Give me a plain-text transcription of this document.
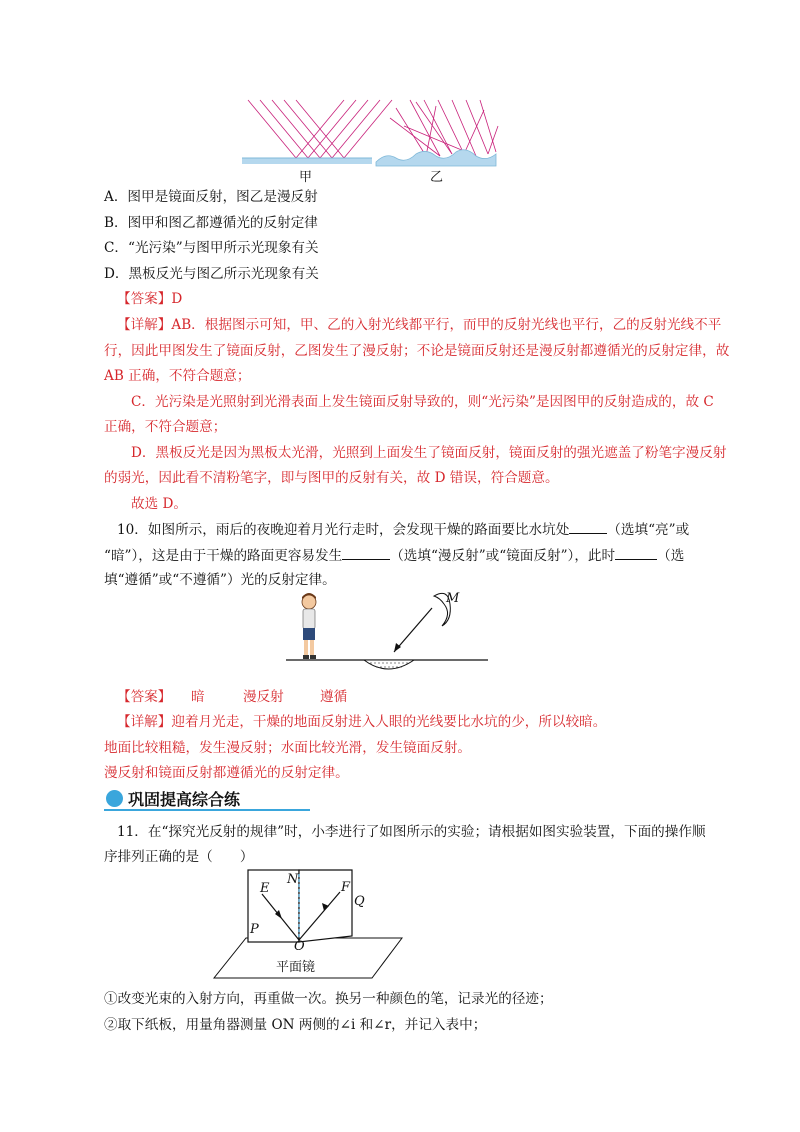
甲	乙
A．图甲是镜面反射，图乙是漫反射
B．图甲和图乙都遵循光的反射定律
C．“光污染”与图甲所示光现象有关
D．黑板反光与图乙所示光现象有关
【答案】D
【详解】AB．根据图示可知，甲、乙的入射光线都平行，而甲的反射光线也平行，乙的反射光线不平
行，因此甲图发生了镜面反射，乙图发生了漫反射；不论是镜面反射还是漫反射都遵循光的反射定律，故
AB 正确，不符合题意；
C．光污染是光照射到光滑表面上发生镜面反射导致的，则“光污染”是因图甲的反射造成的，故 C
正确，不符合题意；
D．黑板反光是因为黑板太光滑，光照到上面发生了镜面反射，镜面反射的强光遮盖了粉笔字漫反射
的弱光，因此看不清粉笔字，即与图甲的反射有关，故 D 错误，符合题意。
故选 D。
10．如图所示，雨后的夜晚迎着月光行走时，会发现干燥的路面要比水坑处	（选填“亮”或
“暗”），这是由于干燥的路面更容易发生	（选填“漫反射”或“镜面反射”），此时	（选
填“遵循”或“不遵循”）光的反射定律。
M
【答案】 暗	漫反射	遵循
【详解】迎着月光走，干燥的地面反射进入人眼的光线要比水坑的少，所以较暗。
地面比较粗糙，发生漫反射；水面比较光滑，发生镜面反射。
漫反射和镜面反射都遵循光的反射定律。
巩固提高综合练
11．在“探究光反射的规律”时，小李进行了如图所示的实验；请根据如图实验装置，下面的操作顺
序排列正确的是（　　）
E
N
F
Q
P
O
平面镜
①改变光束的入射方向，再重做一次。换另一种颜色的笔，记录光的径迹；
②取下纸板，用量角器测量 ON 两侧的∠i 和∠r，并记入表中；
